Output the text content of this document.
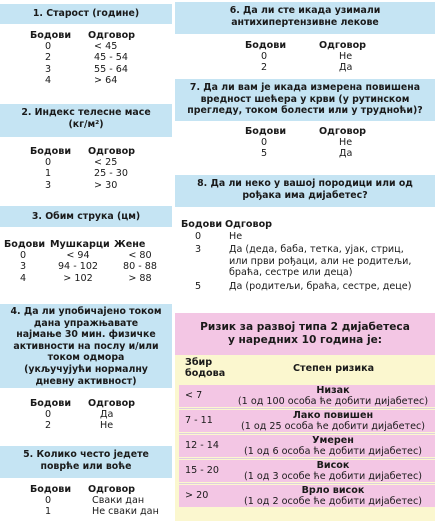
1. Старост (године)
Бодови	Одговор
0	< 45
2	45 - 54
3	55 - 64
4	> 64
2. Индекс телесне масе
(кг/м²)
Бодови	Одговор
0	< 25
1	25 - 30
3	> 30
3. Обим струка (цм)
Бодови Мушкарци Жене
0	< 94	< 80
3	94 - 102	80 - 88
4	> 102	> 88
4. Да ли упобичајено током
дана упражњавате
најмање 30 мин. физичке
активности на послу и/или
током одмора
(укључујући нормалну
дневну активност)
Бодови	Одговор
0	Да
2	Не
5. Колико често једете
поврће или воће
Бодови	Одговор
0	Сваки дан
1	Не сваки дан
6. Да ли сте икада узимали
антихипертензивне лекове
Бодови	Одговор
0	Не
2	Да
7. Да ли вам је икада измерена повишена
вредност шећера у крви (у рутинском
прегледу, током болести или у трудноћи)?
Бодови	Одговор
0	Не
5	Да
8. Да ли неко у вашој породици или од
рођака има дијабетес?
Бодови Одговор
0	Не
3	Да (деда, баба, тетка, ујак, стриц,
или први рођаци, али не родитељи,
браћа, сестре или деца)
5	Да (родитељи, браћа, сестре, деце)
Ризик за развој типа 2 дијабетеса
у наредних 10 година је:
Збир
бодова	Степен ризика
< 7	Низак
(1 од 100 особа ће добити дијабетес)
7 - 11	Лако повишен
(1 од 25 особа ће добити дијабетес)
12 - 14	Умерен
(1 од 6 особа ће добити дијабетес)
15 - 20	Висок
(1 од 3 особе ће добити дијабетес)
> 20	Врло висок
(1 од 2 особе ће добити дијабетес)
